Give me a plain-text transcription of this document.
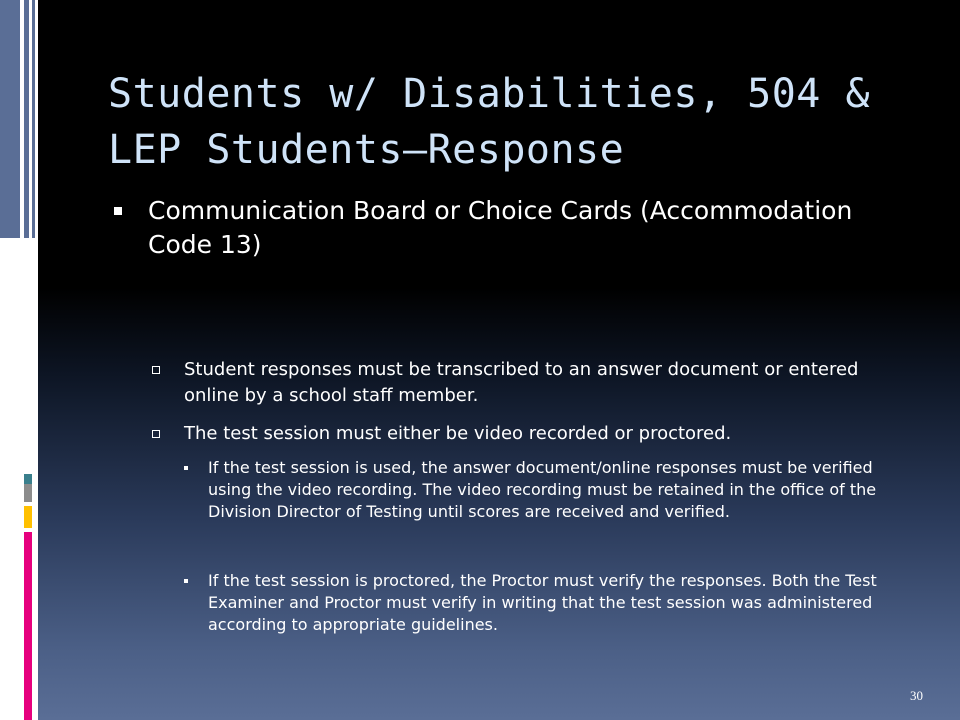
Students w/ Disabilities, 504 & LEP Students—Response
Communication Board or Choice Cards (Accommodation Code 13)
Student responses must be transcribed to an answer document or entered online by a school staff member.
The test session must either be video recorded or proctored.
If the test session is used, the answer document/online responses must be verified using the video recording. The video recording must be retained in the office of the Division Director of Testing until scores are received and verified.
If the test session is proctored, the Proctor must verify the responses. Both the Test Examiner and Proctor must verify in writing that the test session was administered according to appropriate guidelines.
30
